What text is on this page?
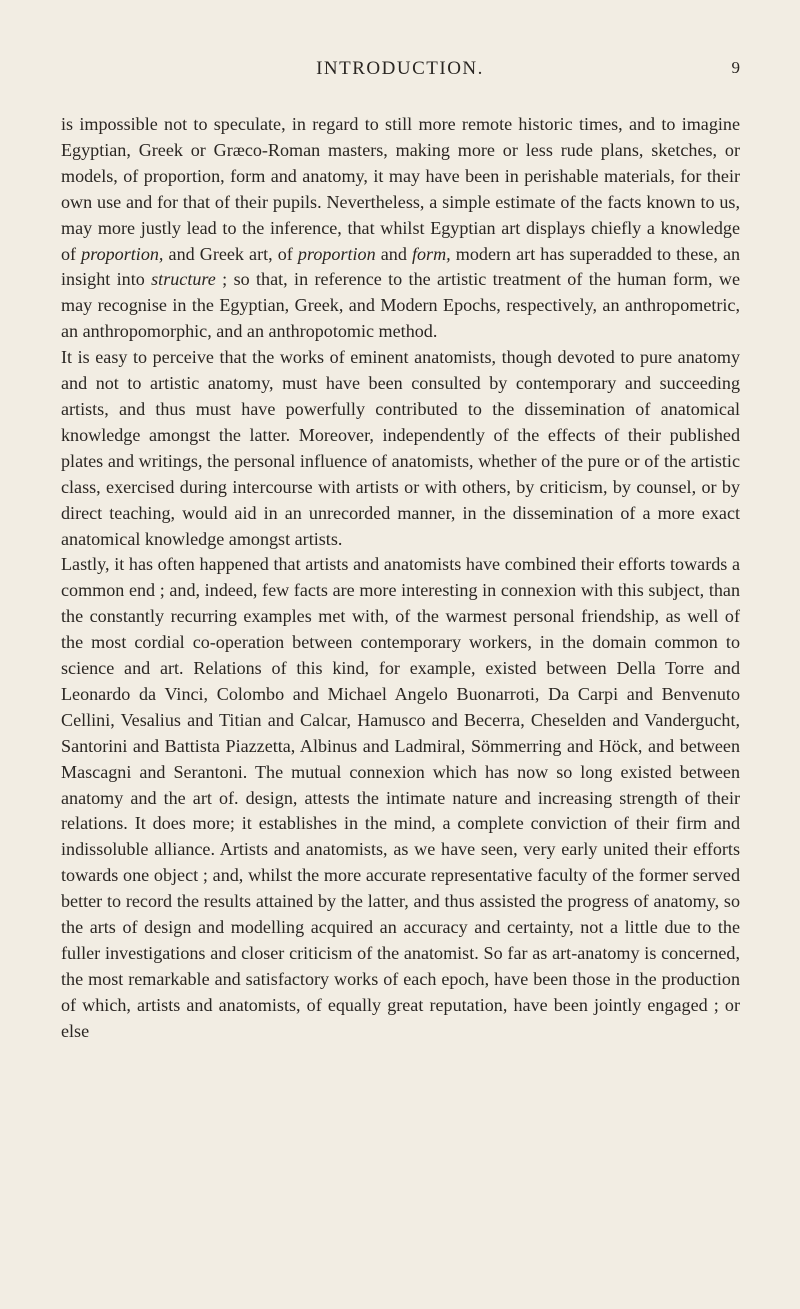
INTRODUCTION.	9

is impossible not to speculate, in regard to still more remote historic times, and to imagine Egyptian, Greek or Græco-Roman masters, making more or less rude plans, sketches, or models, of proportion, form and anatomy, it may have been in perishable materials, for their own use and for that of their pupils. Nevertheless, a simple estimate of the facts known to us, may more justly lead to the inference, that whilst Egyptian art displays chiefly a knowledge of proportion, and Greek art, of proportion and form, modern art has superadded to these, an insight into structure ; so that, in reference to the artistic treatment of the human form, we may recognise in the Egyptian, Greek, and Modern Epochs, respectively, an anthropometric, an anthropomorphic, and an anthropotomic method.

It is easy to perceive that the works of eminent anatomists, though devoted to pure anatomy and not to artistic anatomy, must have been consulted by contemporary and succeeding artists, and thus must have powerfully contributed to the dissemination of anatomical knowledge amongst the latter. Moreover, independently of the effects of their published plates and writings, the personal influence of anatomists, whether of the pure or of the artistic class, exercised during intercourse with artists or with others, by criticism, by counsel, or by direct teaching, would aid in an unrecorded manner, in the dissemination of a more exact anatomical knowledge amongst artists.

Lastly, it has often happened that artists and anatomists have combined their efforts towards a common end ; and, indeed, few facts are more interesting in connexion with this subject, than the constantly recurring examples met with, of the warmest personal friendship, as well of the most cordial co-operation between contemporary workers, in the domain common to science and art. Relations of this kind, for example, existed between Della Torre and Leonardo da Vinci, Colombo and Michael Angelo Buonarroti, Da Carpi and Benvenuto Cellini, Vesalius and Titian and Calcar, Hamusco and Becerra, Cheselden and Vandergucht, Santorini and Battista Piazzetta, Albinus and Ladmiral, Sömmerring and Höck, and between Mascagni and Serantoni. The mutual connexion which has now so long existed between anatomy and the art of. design, attests the intimate nature and increasing strength of their relations. It does more; it establishes in the mind, a complete conviction of their firm and indissoluble alliance. Artists and anatomists, as we have seen, very early united their efforts towards one object ; and, whilst the more accurate representative faculty of the former served better to record the results attained by the latter, and thus assisted the progress of anatomy, so the arts of design and modelling acquired an accuracy and certainty, not a little due to the fuller investigations and closer criticism of the anatomist. So far as art-anatomy is concerned, the most remarkable and satisfactory works of each epoch, have been those in the production of which, artists and anatomists, of equally great reputation, have been jointly engaged ; or else
